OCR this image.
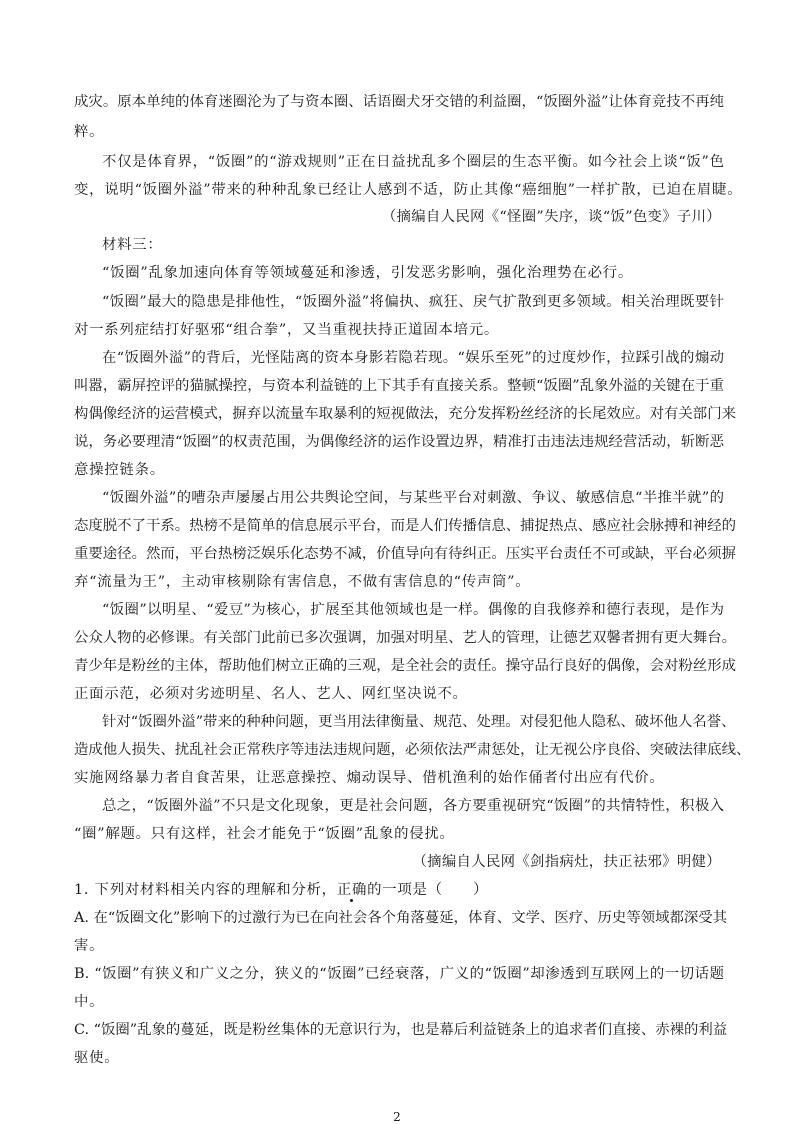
成灾。原本单纯的体育迷圈沦为了与资本圈、话语圈犬牙交错的利益圈，“饭圈外溢”让体育竞技不再纯
粹。
不仅是体育界，“饭圈”的“游戏规则”正在日益扰乱多个圈层的生态平衡。如今社会上谈“饭”色
变，说明“饭圈外溢”带来的种种乱象已经让人感到不适，防止其像“癌细胞”一样扩散，已迫在眉睫。
（摘编自人民网《“怪圈”失序，谈“饭”色变》子川）
材料三：
“饭圈”乱象加速向体育等领域蔓延和渗透，引发恶劣影响，强化治理势在必行。
“饭圈”最大的隐患是排他性，“饭圈外溢”将偏执、疯狂、戾气扩散到更多领域。相关治理既要针
对一系列症结打好驱邪“组合拳”，又当重视扶持正道固本培元。
在“饭圈外溢”的背后，光怪陆离的资本身影若隐若现。“娱乐至死”的过度炒作，拉踩引战的煽动
叫嚣，霸屏控评的猫腻操控，与资本利益链的上下其手有直接关系。整顿“饭圈”乱象外溢的关键在于重
构偶像经济的运营模式，摒弃以流量车取暴利的短视做法，充分发挥粉丝经济的长尾效应。对有关部门来
说，务必要理清“饭圈”的权责范围，为偶像经济的运作设置边界，精准打击违法违规经营活动，斩断恶
意操控链条。
“饭圈外溢”的嘈杂声屡屡占用公共舆论空间，与某些平台对刺激、争议、敏感信息“半推半就”的
态度脱不了干系。热榜不是简单的信息展示平台，而是人们传播信息、捕捉热点、感应社会脉搏和神经的
重要途径。然而，平台热榜泛娱乐化态势不减，价值导向有待纠正。压实平台责任不可或缺，平台必须摒
弃“流量为王”，主动审核剔除有害信息，不做有害信息的“传声筒”。
“饭圈”以明星、“爱豆”为核心，扩展至其他领域也是一样。偶像的自我修养和德行表现，是作为
公众人物的必修课。有关部门此前已多次强调，加强对明星、艺人的管理，让德艺双馨者拥有更大舞台。
青少年是粉丝的主体，帮助他们树立正确的三观，是全社会的责任。操守品行良好的偶像，会对粉丝形成
正面示范，必须对劣迹明星、名人、艺人、网红坚决说不。
针对“饭圈外溢”带来的种种问题，更当用法律衡量、规范、处理。对侵犯他人隐私、破坏他人名誉、
造成他人损失、扰乱社会正常秩序等违法违规问题，必须依法严肃惩处，让无视公序良俗、突破法律底线、
实施网络暴力者自食苦果，让恶意操控、煽动误导、借机渔利的始作俑者付出应有代价。
总之，“饭圈外溢”不只是文化现象，更是社会问题，各方要重视研究“饭圈”的共情特性，积极入
“圈”解题。只有这样，社会才能免于“饭圈”乱象的侵扰。
（摘编自人民网《剑指病灶，扶正祛邪》明健）
1. 下列对材料相关内容的理解和分析，正确的一项是（　　）
A. 在“饭圈文化”影响下的过激行为已在向社会各个角落蔓延，体育、文学、医疗、历史等领域都深受其
害。
B. “饭圈”有狭义和广义之分，狭义的“饭圈”已经衰落，广义的“饭圈”却渗透到互联网上的一切话题
中。
C. “饭圈”乱象的蔓延，既是粉丝集体的无意识行为，也是幕后利益链条上的追求者们直接、赤裸的利益
驱使。
2
